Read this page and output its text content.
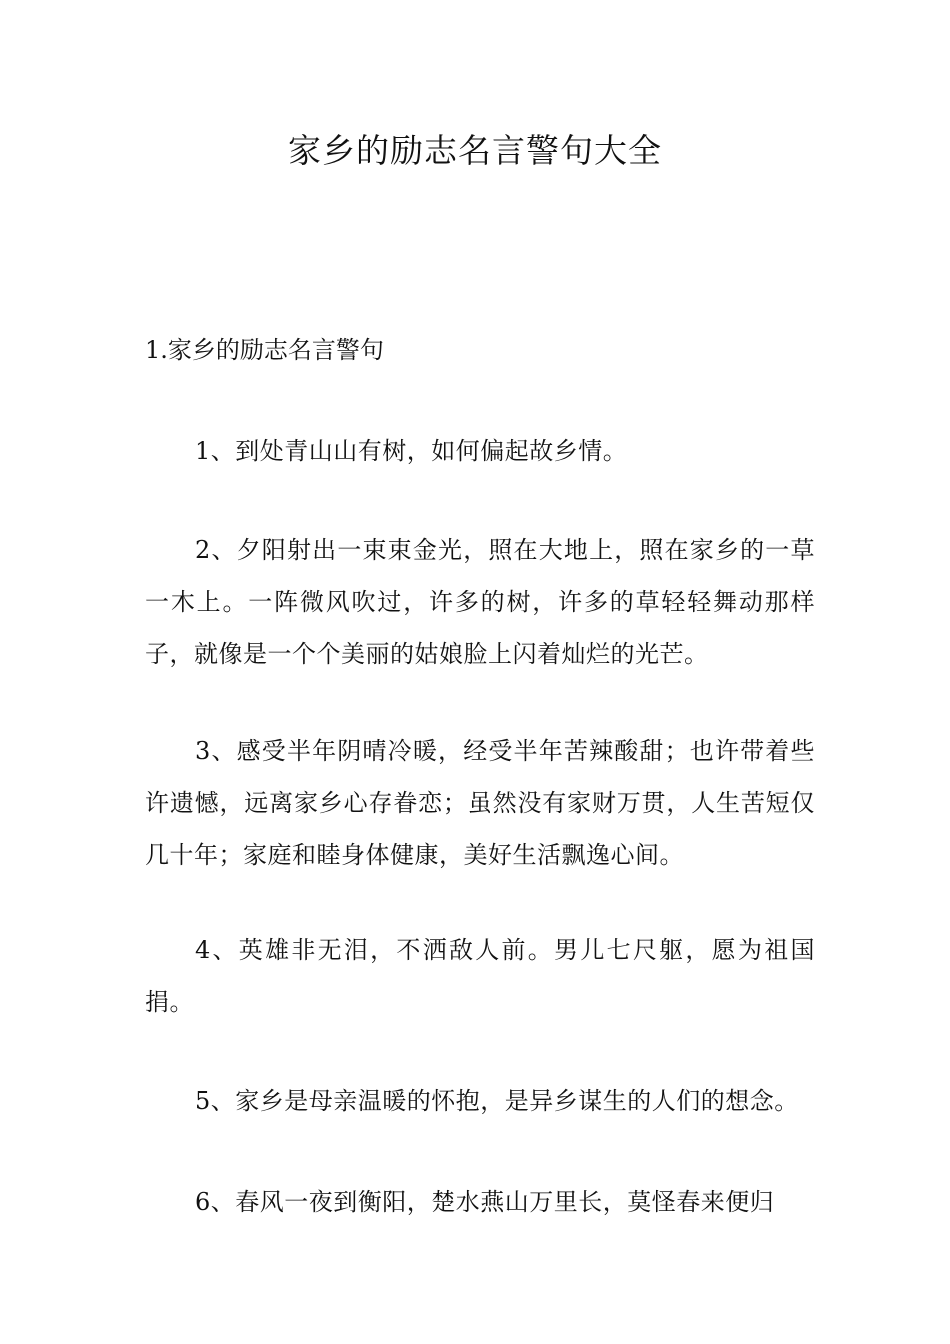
家乡的励志名言警句大全
1.家乡的励志名言警句

1、到处青山山有树，如何偏起故乡情。

2、夕阳射出一束束金光，照在大地上，照在家乡的一草一木上。一阵微风吹过，许多的树，许多的草轻轻舞动那样子，就像是一个个美丽的姑娘脸上闪着灿烂的光芒。

3、感受半年阴晴冷暖，经受半年苦辣酸甜；也许带着些许遗憾，远离家乡心存眷恋；虽然没有家财万贯，人生苦短仅几十年；家庭和睦身体健康，美好生活飘逸心间。

4、英雄非无泪，不洒敌人前。男儿七尺躯，愿为祖国捐。

5、家乡是母亲温暖的怀抱，是异乡谋生的人们的想念。

6、春风一夜到衡阳，楚水燕山万里长，莫怪春来便归
